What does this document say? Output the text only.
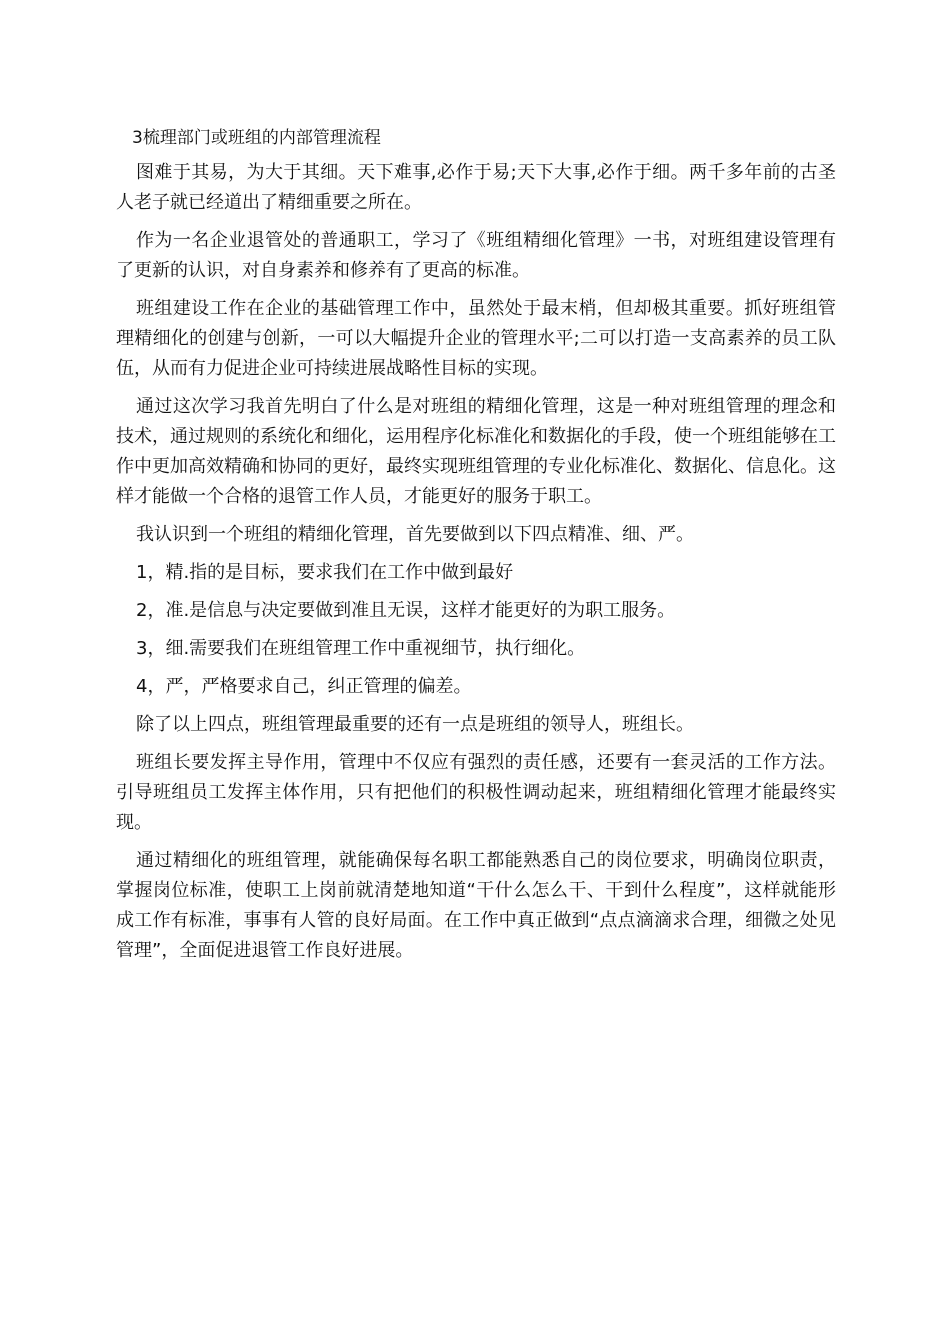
3梳理部门或班组的内部管理流程

图难于其易，为大于其细。天下难事,必作于易;天下大事,必作于细。两千多年前的古圣人老子就已经道出了精细重要之所在。

作为一名企业退管处的普通职工，学习了《班组精细化管理》一书，对班组建设管理有了更新的认识，对自身素养和修养有了更高的标准。

班组建设工作在企业的基础管理工作中，虽然处于最末梢，但却极其重要。抓好班组管理精细化的创建与创新，一可以大幅提升企业的管理水平;二可以打造一支高素养的员工队伍，从而有力促进企业可持续进展战略性目标的实现。

通过这次学习我首先明白了什么是对班组的精细化管理，这是一种对班组管理的理念和技术，通过规则的系统化和细化，运用程序化标准化和数据化的手段，使一个班组能够在工作中更加高效精确和协同的更好，最终实现班组管理的专业化标准化、数据化、信息化。这样才能做一个合格的退管工作人员，才能更好的服务于职工。

我认识到一个班组的精细化管理，首先要做到以下四点精准、细、严。

1，精.指的是目标，要求我们在工作中做到最好

2，准.是信息与决定要做到准且无误，这样才能更好的为职工服务。

3，细.需要我们在班组管理工作中重视细节，执行细化。

4，严，严格要求自己，纠正管理的偏差。

除了以上四点，班组管理最重要的还有一点是班组的领导人，班组长。

班组长要发挥主导作用，管理中不仅应有强烈的责任感，还要有一套灵活的工作方法。引导班组员工发挥主体作用，只有把他们的积极性调动起来，班组精细化管理才能最终实现。

通过精细化的班组管理，就能确保每名职工都能熟悉自己的岗位要求，明确岗位职责，掌握岗位标准，使职工上岗前就清楚地知道“干什么怎么干、干到什么程度”，这样就能形成工作有标准，事事有人管的良好局面。在工作中真正做到“点点滴滴求合理，细微之处见管理”，全面促进退管工作良好进展。
